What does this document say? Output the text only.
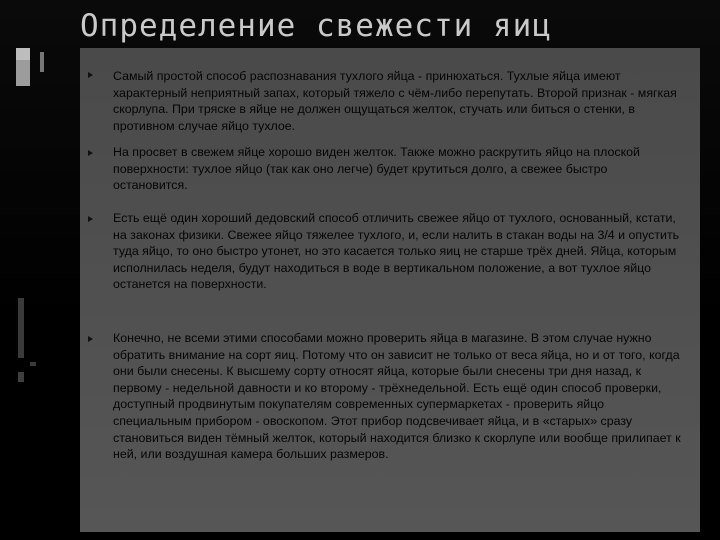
Определение свежести яиц
Самый простой способ распознавания тухлого яйца - принюхаться. Тухлые яйца имеют характерный неприятный запах, который тяжело с чём-либо перепутать. Второй признак - мягкая скорлупа. При тряске в яйце не должен ощущаться желток, стучать или биться о стенки, в противном случае яйцо тухлое.
На просвет в свежем яйце хорошо виден желток. Также можно раскрутить яйцо на плоской поверхности: тухлое яйцо (так как оно легче) будет крутиться долго, а свежее быстро остановится.
Есть ещё один хороший дедовский способ отличить свежее яйцо от тухлого, основанный, кстати, на законах физики. Свежее яйцо тяжелее тухлого, и, если налить в стакан воды на 3/4 и опустить туда яйцо, то оно быстро утонет, но это касается только яиц не старше трёх дней. Яйца, которым исполнилась неделя, будут находиться в воде в вертикальном положение, а вот тухлое яйцо останется на поверхности.
Конечно, не всеми этими способами можно проверить яйца в магазине. В этом случае нужно обратить внимание на сорт яиц. Потому что он зависит не только от веса яйца, но и от того, когда они были снесены. К высшему сорту относят яйца, которые были снесены три дня назад, к первому - недельной давности и ко второму - трёхнедельной. Есть ещё один способ проверки, доступный продвинутым покупателям современных супермаркетах - проверить яйцо специальным прибором - овоскопом. Этот прибор подсвечивает яйца, и в «старых» сразу становиться виден тёмный желток, который находится близко к скорлупе или вообще прилипает к ней, или воздушная камера больших размеров.
